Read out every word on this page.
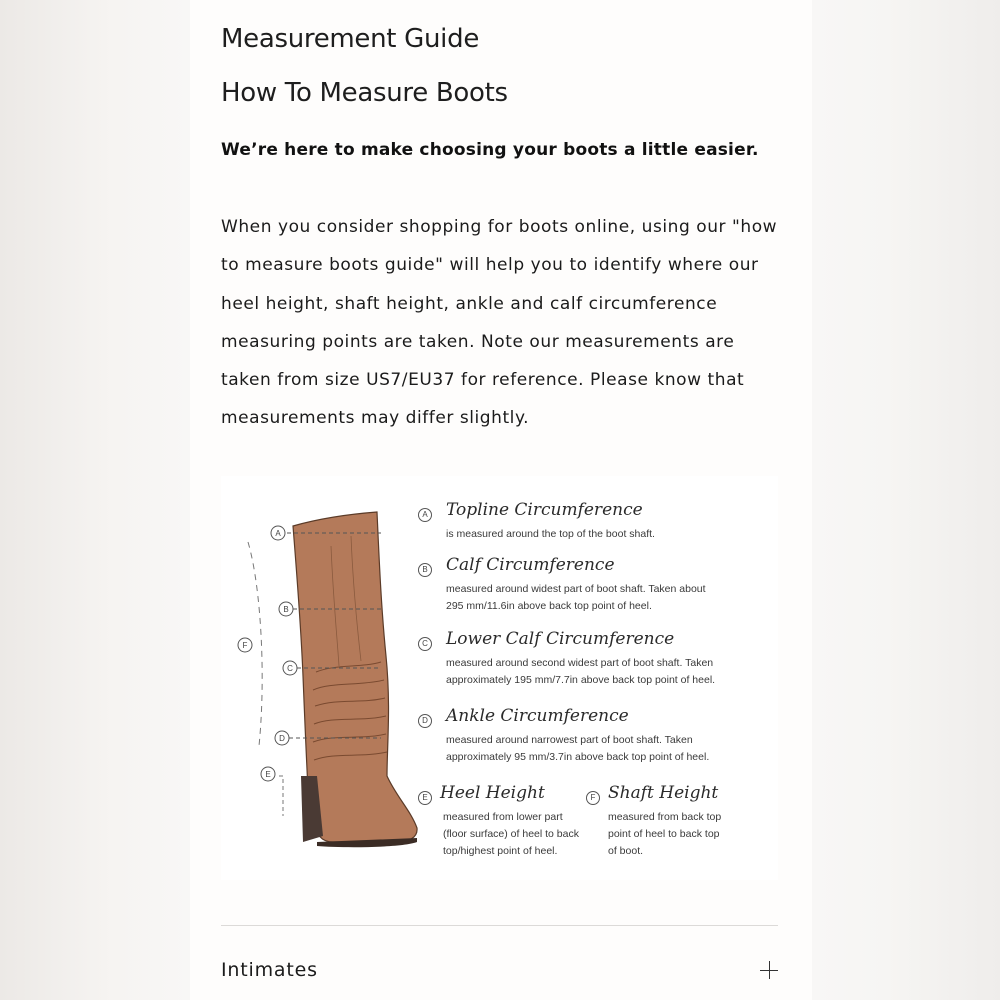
Measurement Guide
How To Measure Boots

We’re here to make choosing your boots a little easier.

When you consider shopping for boots online, using our "how to measure boots guide" will help you to identify where our heel height, shaft height, ankle and calf circumference measuring points are taken. Note our measurements are taken from size US7/EU37 for reference. Please know that measurements may differ slightly.

A
B
C
D
E
F
A Topline Circumference
is measured around the top of the boot shaft.
B Calf Circumference
measured around widest part of boot shaft. Taken about
295 mm/11.6in above back top point of heel.
C Lower Calf Circumference
measured around second widest part of boot shaft. Taken
approximately 195 mm/7.7in above back top point of heel.
D Ankle Circumference
measured around narrowest part of boot shaft. Taken
approximately 95 mm/3.7in above back top point of heel.
E Heel Height
measured from lower part
(floor surface) of heel to back
top/highest point of heel.
F Shaft Height
measured from back top
point of heel to back top
of boot.
Intimates
